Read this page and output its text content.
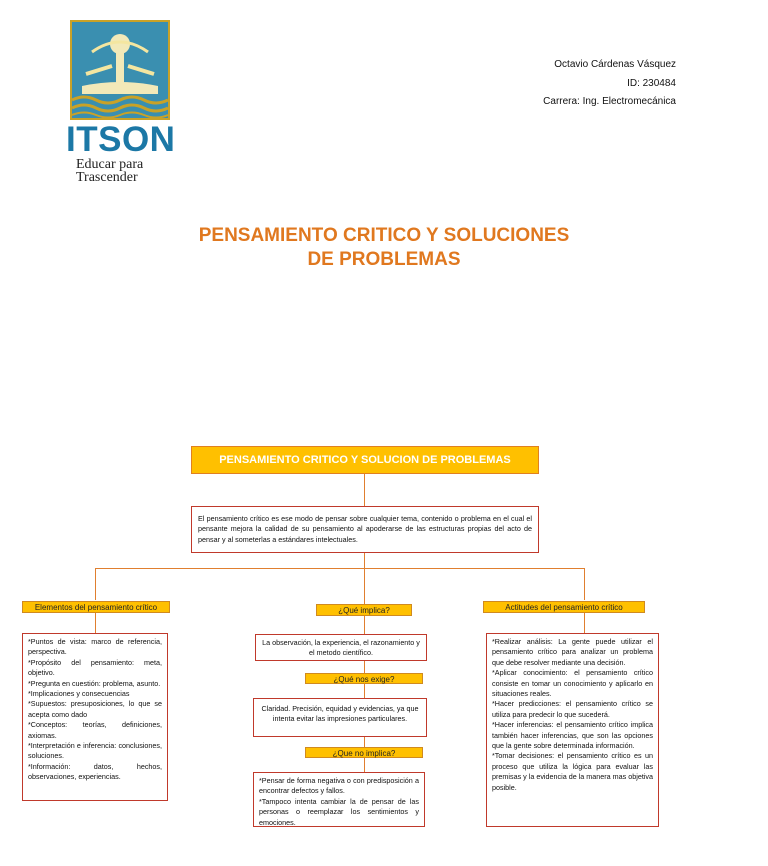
ITSON
Educar para
Trascender
Octavio Cárdenas Vásquez
ID: 230484
Carrera: Ing. Electromecánica
PENSAMIENTO CRITICO Y SOLUCIONES
DE PROBLEMAS
PENSAMIENTO CRITICO Y SOLUCION DE PROBLEMAS
El pensamiento crítico es ese modo de pensar sobre cualquier tema, contenido o problema en el cual el pensante mejora la calidad de su pensamiento al apoderarse de las estructuras propias del acto de pensar y al someterlas a estándares intelectuales.
Elementos del pensamiento crítico
*Puntos de vista: marco de referencia, perspectiva.
*Propósito del pensamiento: meta, objetivo.
*Pregunta en cuestión: problema, asunto.
*Implicaciones y consecuencias
*Supuestos: presuposiciones, lo que se acepta como dado
*Conceptos: teorías, definiciones, axiomas.
*Interpretación e inferencia: conclusiones, soluciones.
*Información: datos, hechos, observaciones, experiencias.
¿Qué implica?
La observación, la experiencia, el razonamiento y el metodo científico.
¿Qué nos exige?
Claridad. Precisión, equidad y evidencias, ya que intenta evitar las impresiones particulares.
¿Que no implica?
*Pensar de forma negativa o con predisposición a encontrar defectos y fallos.
*Tampoco intenta cambiar la de pensar de las personas o reemplazar los sentimientos y emociones.
Actitudes del pensamiento crítico
*Realizar análisis: La gente puede utilizar el pensamiento crítico para analizar un problema que debe resolver mediante una decisión.
*Aplicar conocimiento: el pensamiento crítico consiste en tomar un conocimiento y aplicarlo en situaciones reales.
*Hacer predicciones: el pensamiento crítico se utiliza para predecir lo que sucederá.
*Hacer inferencias: el pensamiento crítico implica también hacer inferencias, que son las opciones que la gente sobre determinada información.
*Tomar decisiones: el pensamiento crítico es un proceso que utiliza la lógica para evaluar las premisas y la evidencia de la manera mas objetiva posible.
